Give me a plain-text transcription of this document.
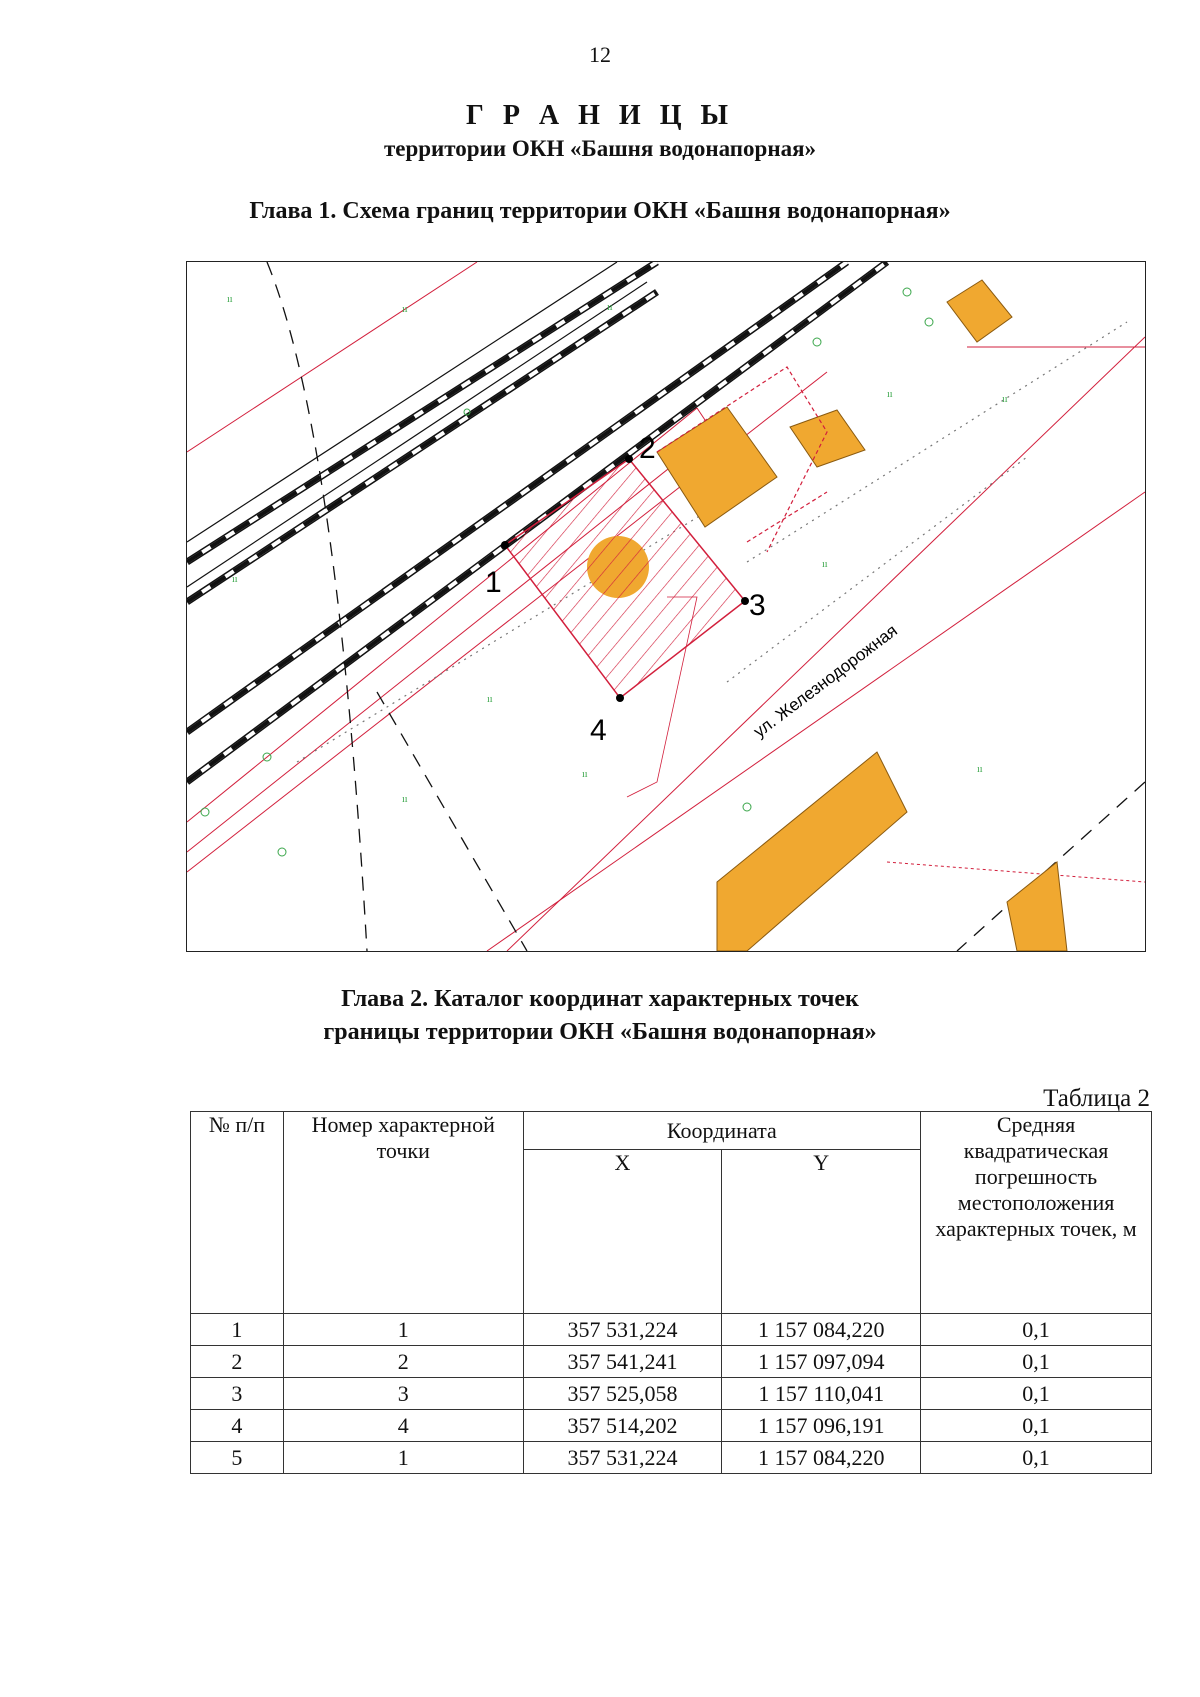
12
Г Р А Н И Ц Ы
территории ОКН «Башня водонапорная»
Глава 1. Схема границ территории ОКН «Башня водонапорная»
1
2
3
4	ул. Железнодорожная
ıı
ıı	ıı
ıı	ıı
ıı
ıı
ıı
ıı
ıı
ıı
Глава 2. Каталог координат характерных точек
границы территории ОКН «Башня водонапорная»
Таблица 2
№ п/п	Номер характерной точки	Координата		Средняя квадратическая погрешность местоположения характерных точек, м
		X	Y	
1	1	357 531,224	1 157 084,220	0,1
2	2	357 541,241	1 157 097,094	0,1
3	3	357 525,058	1 157 110,041	0,1
4	4	357 514,202	1 157 096,191	0,1
5	1	357 531,224	1 157 084,220	0,1
